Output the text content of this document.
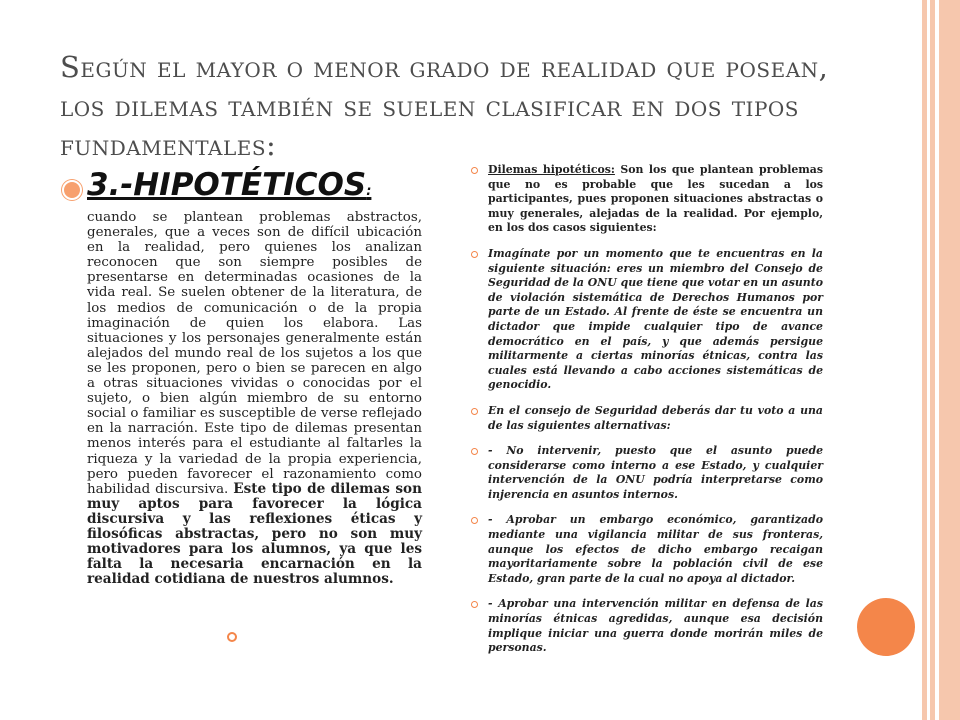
Según el mayor o menor grado de realidad que posean, los dilemas también se suelen clasificar en dos tipos fundamentales:
3.-HIPOTÉTICOS:
cuando se plantean problemas abstractos, generales, que a veces son de difícil ubicación en la realidad, pero quienes los analizan reconocen que son siempre posibles de presentarse en determinadas ocasiones de la vida real. Se suelen obtener de la literatura, de los medios de comunicación o de la propia imaginación de quien los elabora. Las situaciones y los personajes generalmente están alejados del mundo real de los sujetos a los que se les proponen, pero o bien se parecen en algo a otras situaciones vividas o conocidas por el sujeto, o bien algún miembro de su entorno social o familiar es susceptible de verse reflejado en la narración. Este tipo de dilemas presentan menos interés para el estudiante al faltarles la riqueza y la variedad de la propia experiencia, pero pueden favorecer el razonamiento como habilidad discursiva. Este tipo de dilemas son muy aptos para favorecer la lógica discursiva y las reflexiones éticas y filosóficas abstractas, pero no son muy motivadores para los alumnos, ya que les falta la necesaria encarnación en la realidad cotidiana de nuestros alumnos.
Dilemas hipotéticos: Son los que plantean problemas que no es probable que les sucedan a los participantes, pues proponen situaciones abstractas o muy generales, alejadas de la realidad. Por ejemplo, en los dos casos siguientes:
Imagínate por un momento que te encuentras en la siguiente situación: eres un miembro del Consejo de Seguridad de la ONU que tiene que votar en un asunto de violación sistemática de Derechos Humanos por parte de un Estado. Al frente de éste se encuentra un dictador que impide cualquier tipo de avance democrático en el país, y que además persigue militarmente a ciertas minorías étnicas, contra las cuales está llevando a cabo acciones sistemáticas de genocidio.
En el consejo de Seguridad deberás dar tu voto a una de las siguientes alternativas:
- No intervenir, puesto que el asunto puede considerarse como interno a ese Estado, y cualquier intervención de la ONU podría interpretarse como injerencia en asuntos internos.
- Aprobar un embargo económico, garantizado mediante una vigilancia militar de sus fronteras, aunque los efectos de dicho embargo recaigan mayoritariamente sobre la población civil de ese Estado, gran parte de la cual no apoya al dictador.
- Aprobar una intervención militar en defensa de las minorías étnicas agredidas, aunque esa decisión implique iniciar una guerra donde morirán miles de personas.
